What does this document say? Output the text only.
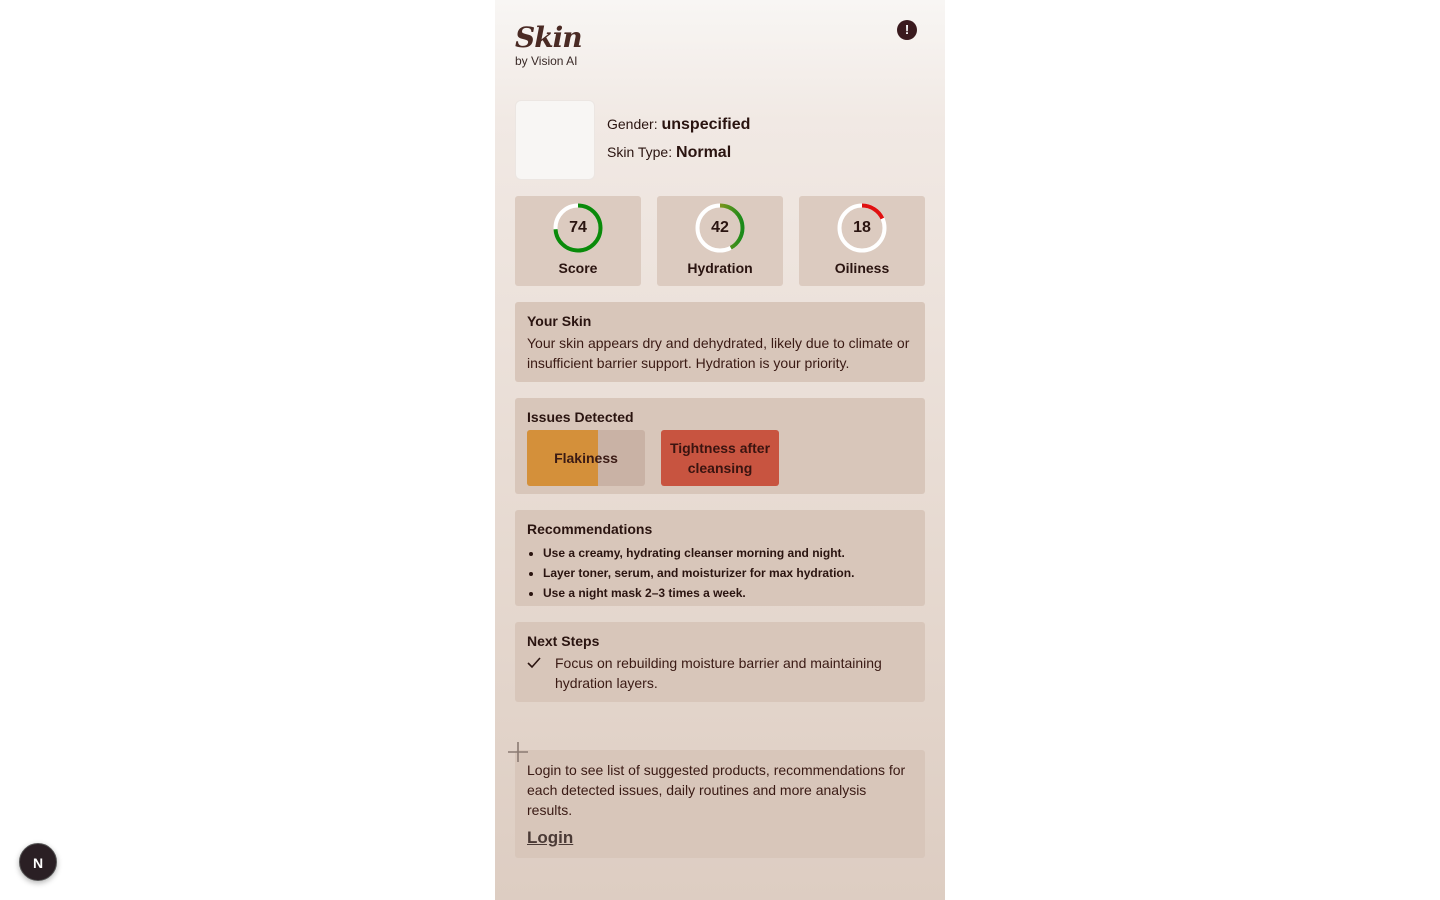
Skin
by Vision AI
!
Gender: unspecified
Skin Type: Normal
74
Score
42
Hydration
18
Oiliness
Your Skin

Your skin appears dry and dehydrated, likely due to climate or insufficient barrier support. Hydration is your priority.

Issues Detected
Flakiness
Tightness after cleansing
Recommendations
• Use a creamy, hydrating cleanser morning and night.
• Layer toner, serum, and moisturizer for max hydration.
• Use a night mask 2–3 times a week.
Next Steps
Focus on rebuilding moisture barrier and maintaining hydration layers.

Login to see list of suggested products, recommendations for each detected issues, daily routines and more analysis results.

Login
N
